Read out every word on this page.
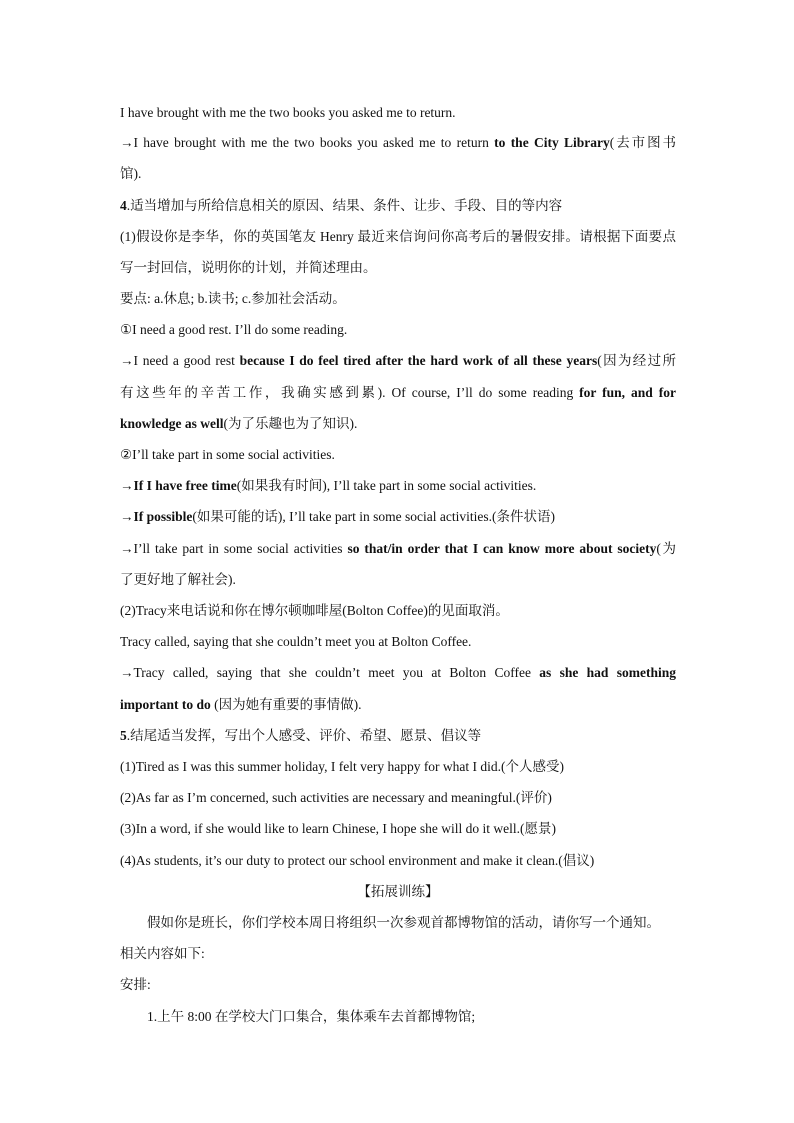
I have brought with me the two books you asked me to return.
→I have brought with me the two books you asked me to return to the City Library(去市图书
馆).
4.适当增加与所给信息相关的原因、结果、条件、让步、手段、目的等内容
(1)假设你是李华，你的英国笔友 Henry 最近来信询问你高考后的暑假安排。请根据下面要点
写一封回信，说明你的计划，并简述理由。
要点: a.休息; b.读书; c.参加社会活动。
①I need a good rest. I’ll do some reading.
→I need a good rest because I do feel tired after the hard work of all these years(因为经过所
有这些年的辛苦工作，我确实感到累). Of course, I’ll do some reading for fun, and for
knowledge as well(为了乐趣也为了知识).
②I’ll take part in some social activities.
→If I have free time(如果我有时间), I’ll take part in some social activities.
→If possible(如果可能的话), I’ll take part in some social activities.(条件状语)
→I’ll take part in some social activities so that/in order that I can know more about society(为
了更好地了解社会).
(2)Tracy来电话说和你在博尔顿咖啡屋(Bolton Coffee)的见面取消。
Tracy called, saying that she couldn’t meet you at Bolton Coffee.
→Tracy called, saying that she couldn’t meet you at Bolton Coffee as she had something
important to do (因为她有重要的事情做).
5.结尾适当发挥，写出个人感受、评价、希望、愿景、倡议等
(1)Tired as I was this summer holiday, I felt very happy for what I did.(个人感受)
(2)As far as I’m concerned, such activities are necessary and meaningful.(评价)
(3)In a word, if she would like to learn Chinese, I hope she will do it well.(愿景)
(4)As students, it’s our duty to protect our school environment and make it clean.(倡议)
【拓展训练】
假如你是班长，你们学校本周日将组织一次参观首都博物馆的活动，请你写一个通知。
相关内容如下:
安排:
1.上午 8:00 在学校大门口集合，集体乘车去首都博物馆;
